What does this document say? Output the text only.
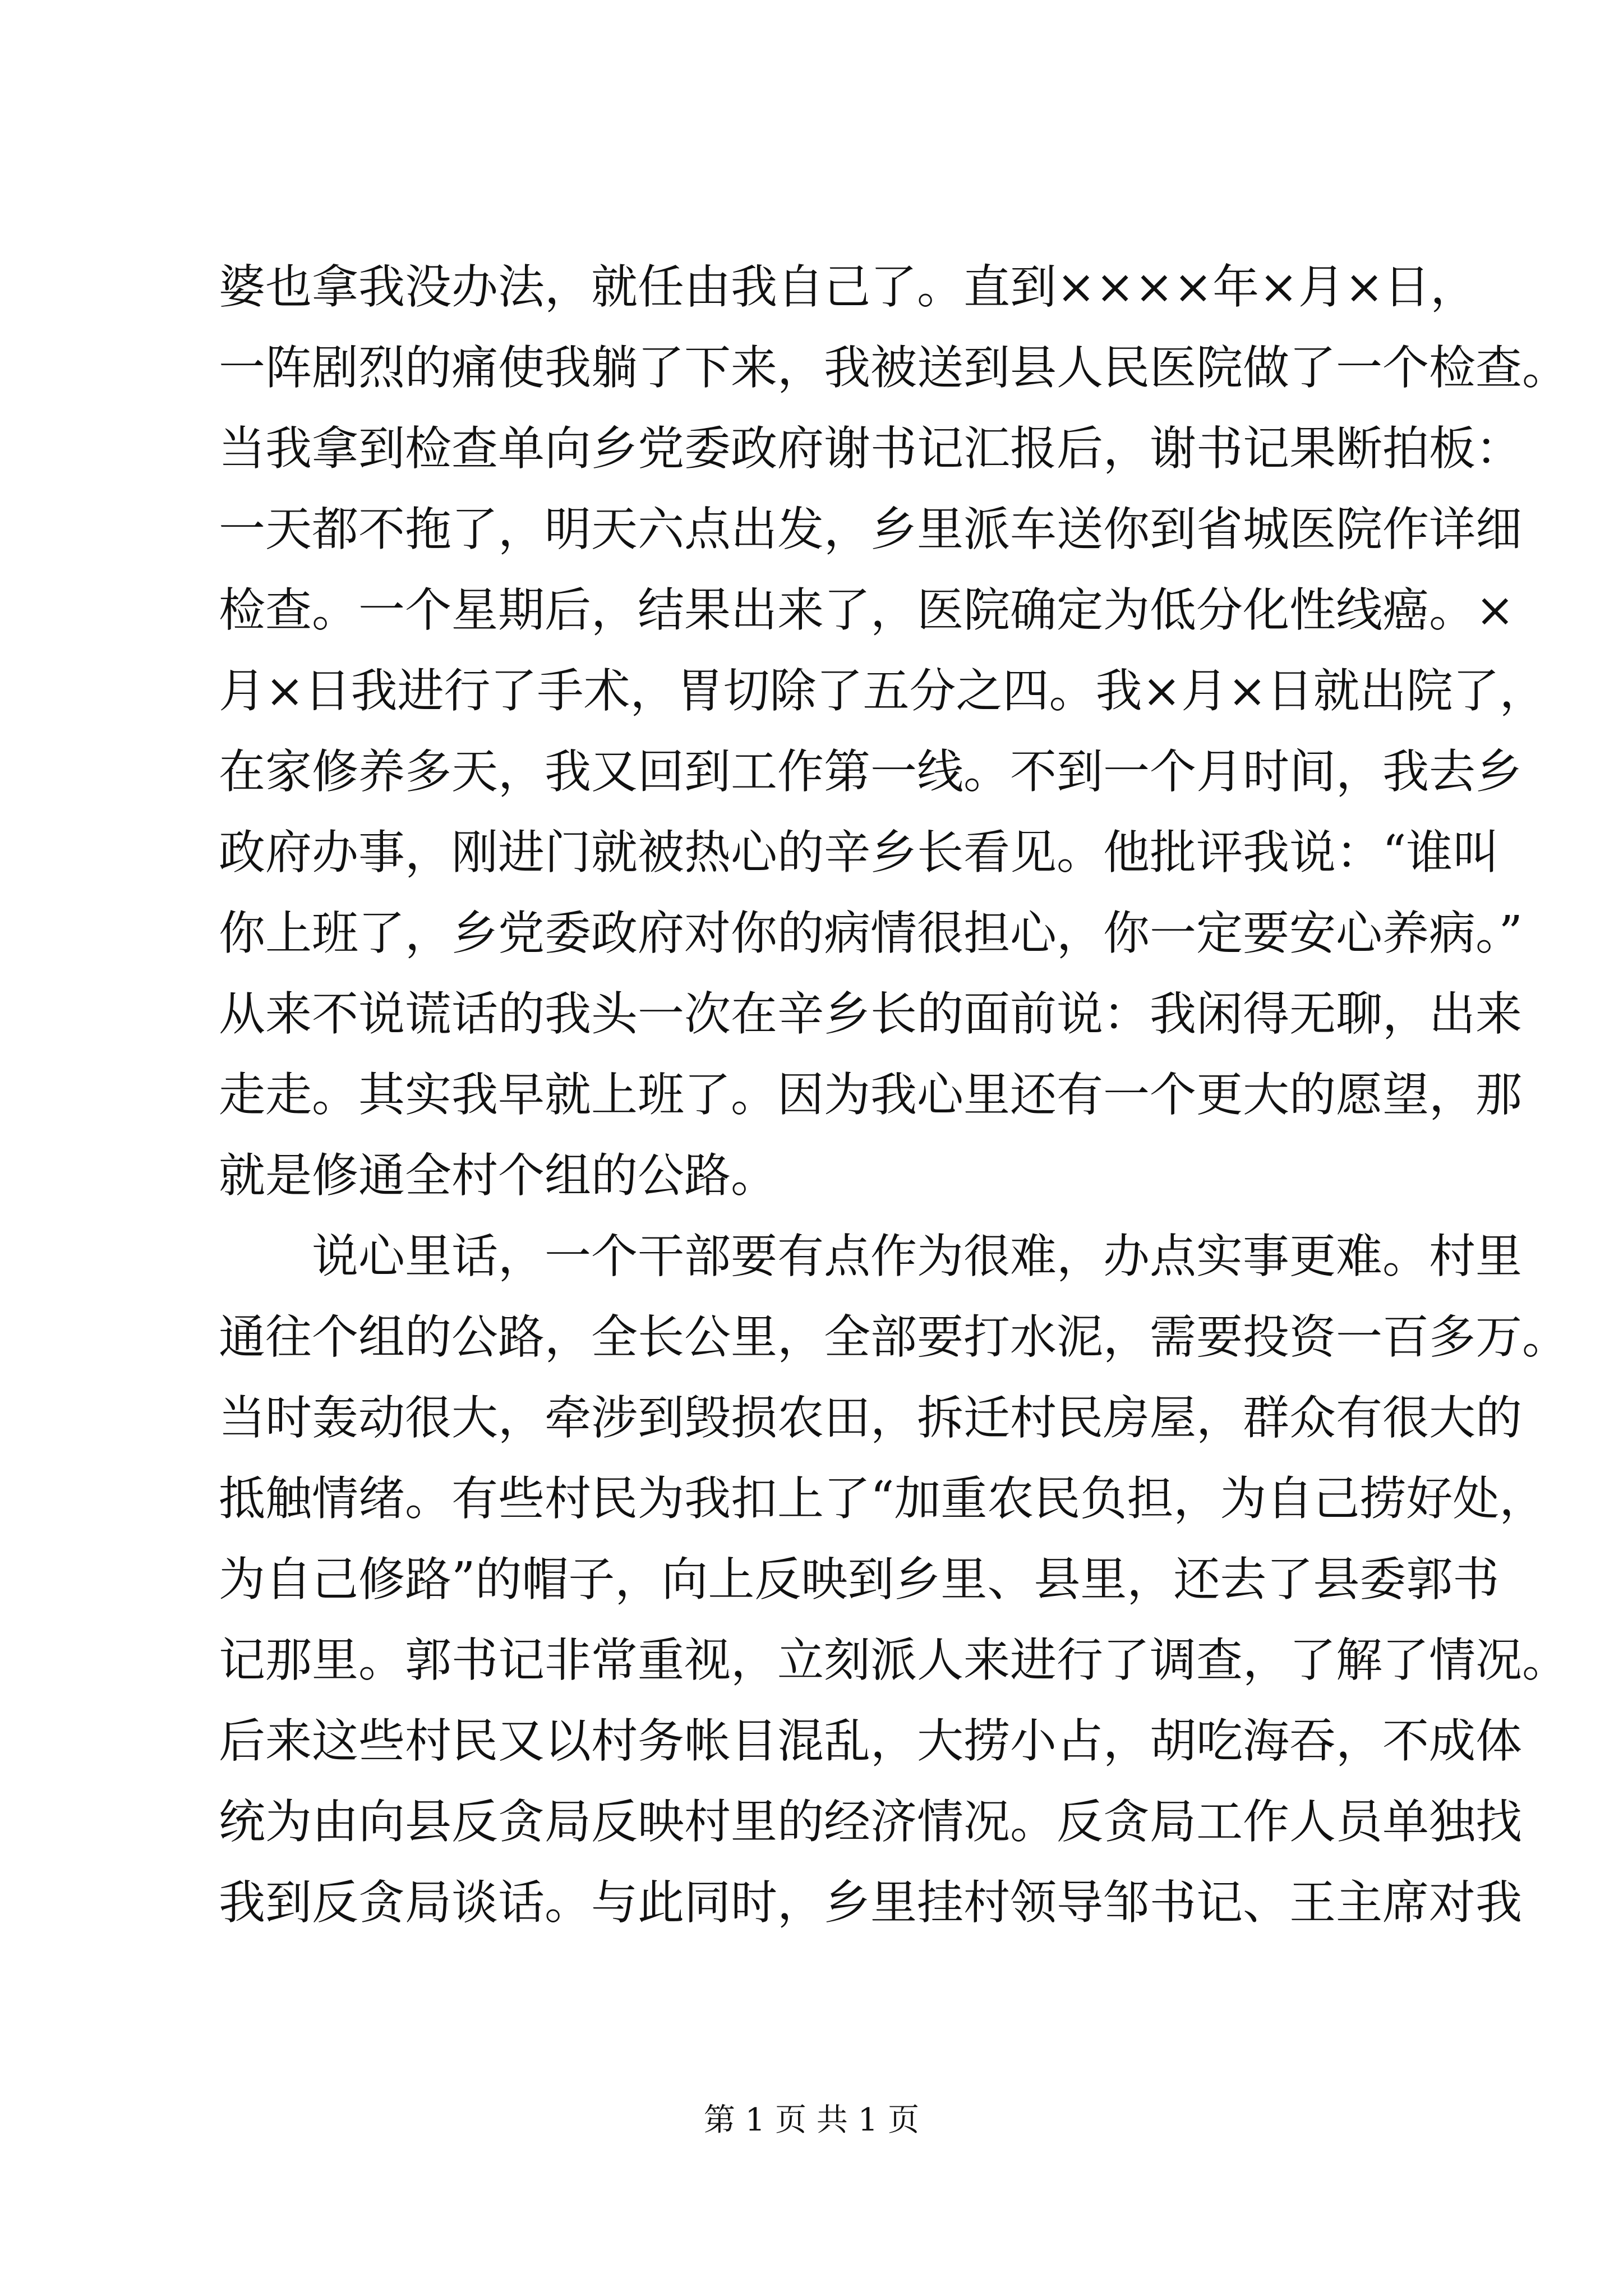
婆也拿我没办法，就任由我自己了。直到××××年×月×日，
一阵剧烈的痛使我躺了下来，我被送到县人民医院做了一个检查。
当我拿到检查单向乡党委政府谢书记汇报后，谢书记果断拍板：
一天都不拖了，明天六点出发，乡里派车送你到省城医院作详细
检查。一个星期后，结果出来了，医院确定为低分化性线癌。×
月×日我进行了手术，胃切除了五分之四。我×月×日就出院了，
在家修养多天，我又回到工作第一线。不到一个月时间，我去乡
政府办事，刚进门就被热心的辛乡长看见。他批评我说：“谁叫
你上班了，乡党委政府对你的病情很担心，你一定要安心养病。”
从来不说谎话的我头一次在辛乡长的面前说：我闲得无聊，出来
走走。其实我早就上班了。因为我心里还有一个更大的愿望，那
就是修通全村个组的公路。
说心里话，一个干部要有点作为很难，办点实事更难。村里
通往个组的公路，全长公里，全部要打水泥，需要投资一百多万。
当时轰动很大，牵涉到毁损农田，拆迁村民房屋，群众有很大的
抵触情绪。有些村民为我扣上了“加重农民负担，为自己捞好处，
为自己修路”的帽子，向上反映到乡里、县里，还去了县委郭书
记那里。郭书记非常重视，立刻派人来进行了调查，了解了情况。
后来这些村民又以村务帐目混乱，大捞小占，胡吃海吞，不成体
统为由向县反贪局反映村里的经济情况。反贪局工作人员单独找
我到反贪局谈话。与此同时，乡里挂村领导邹书记、王主席对我
第 1 页 共 1 页
